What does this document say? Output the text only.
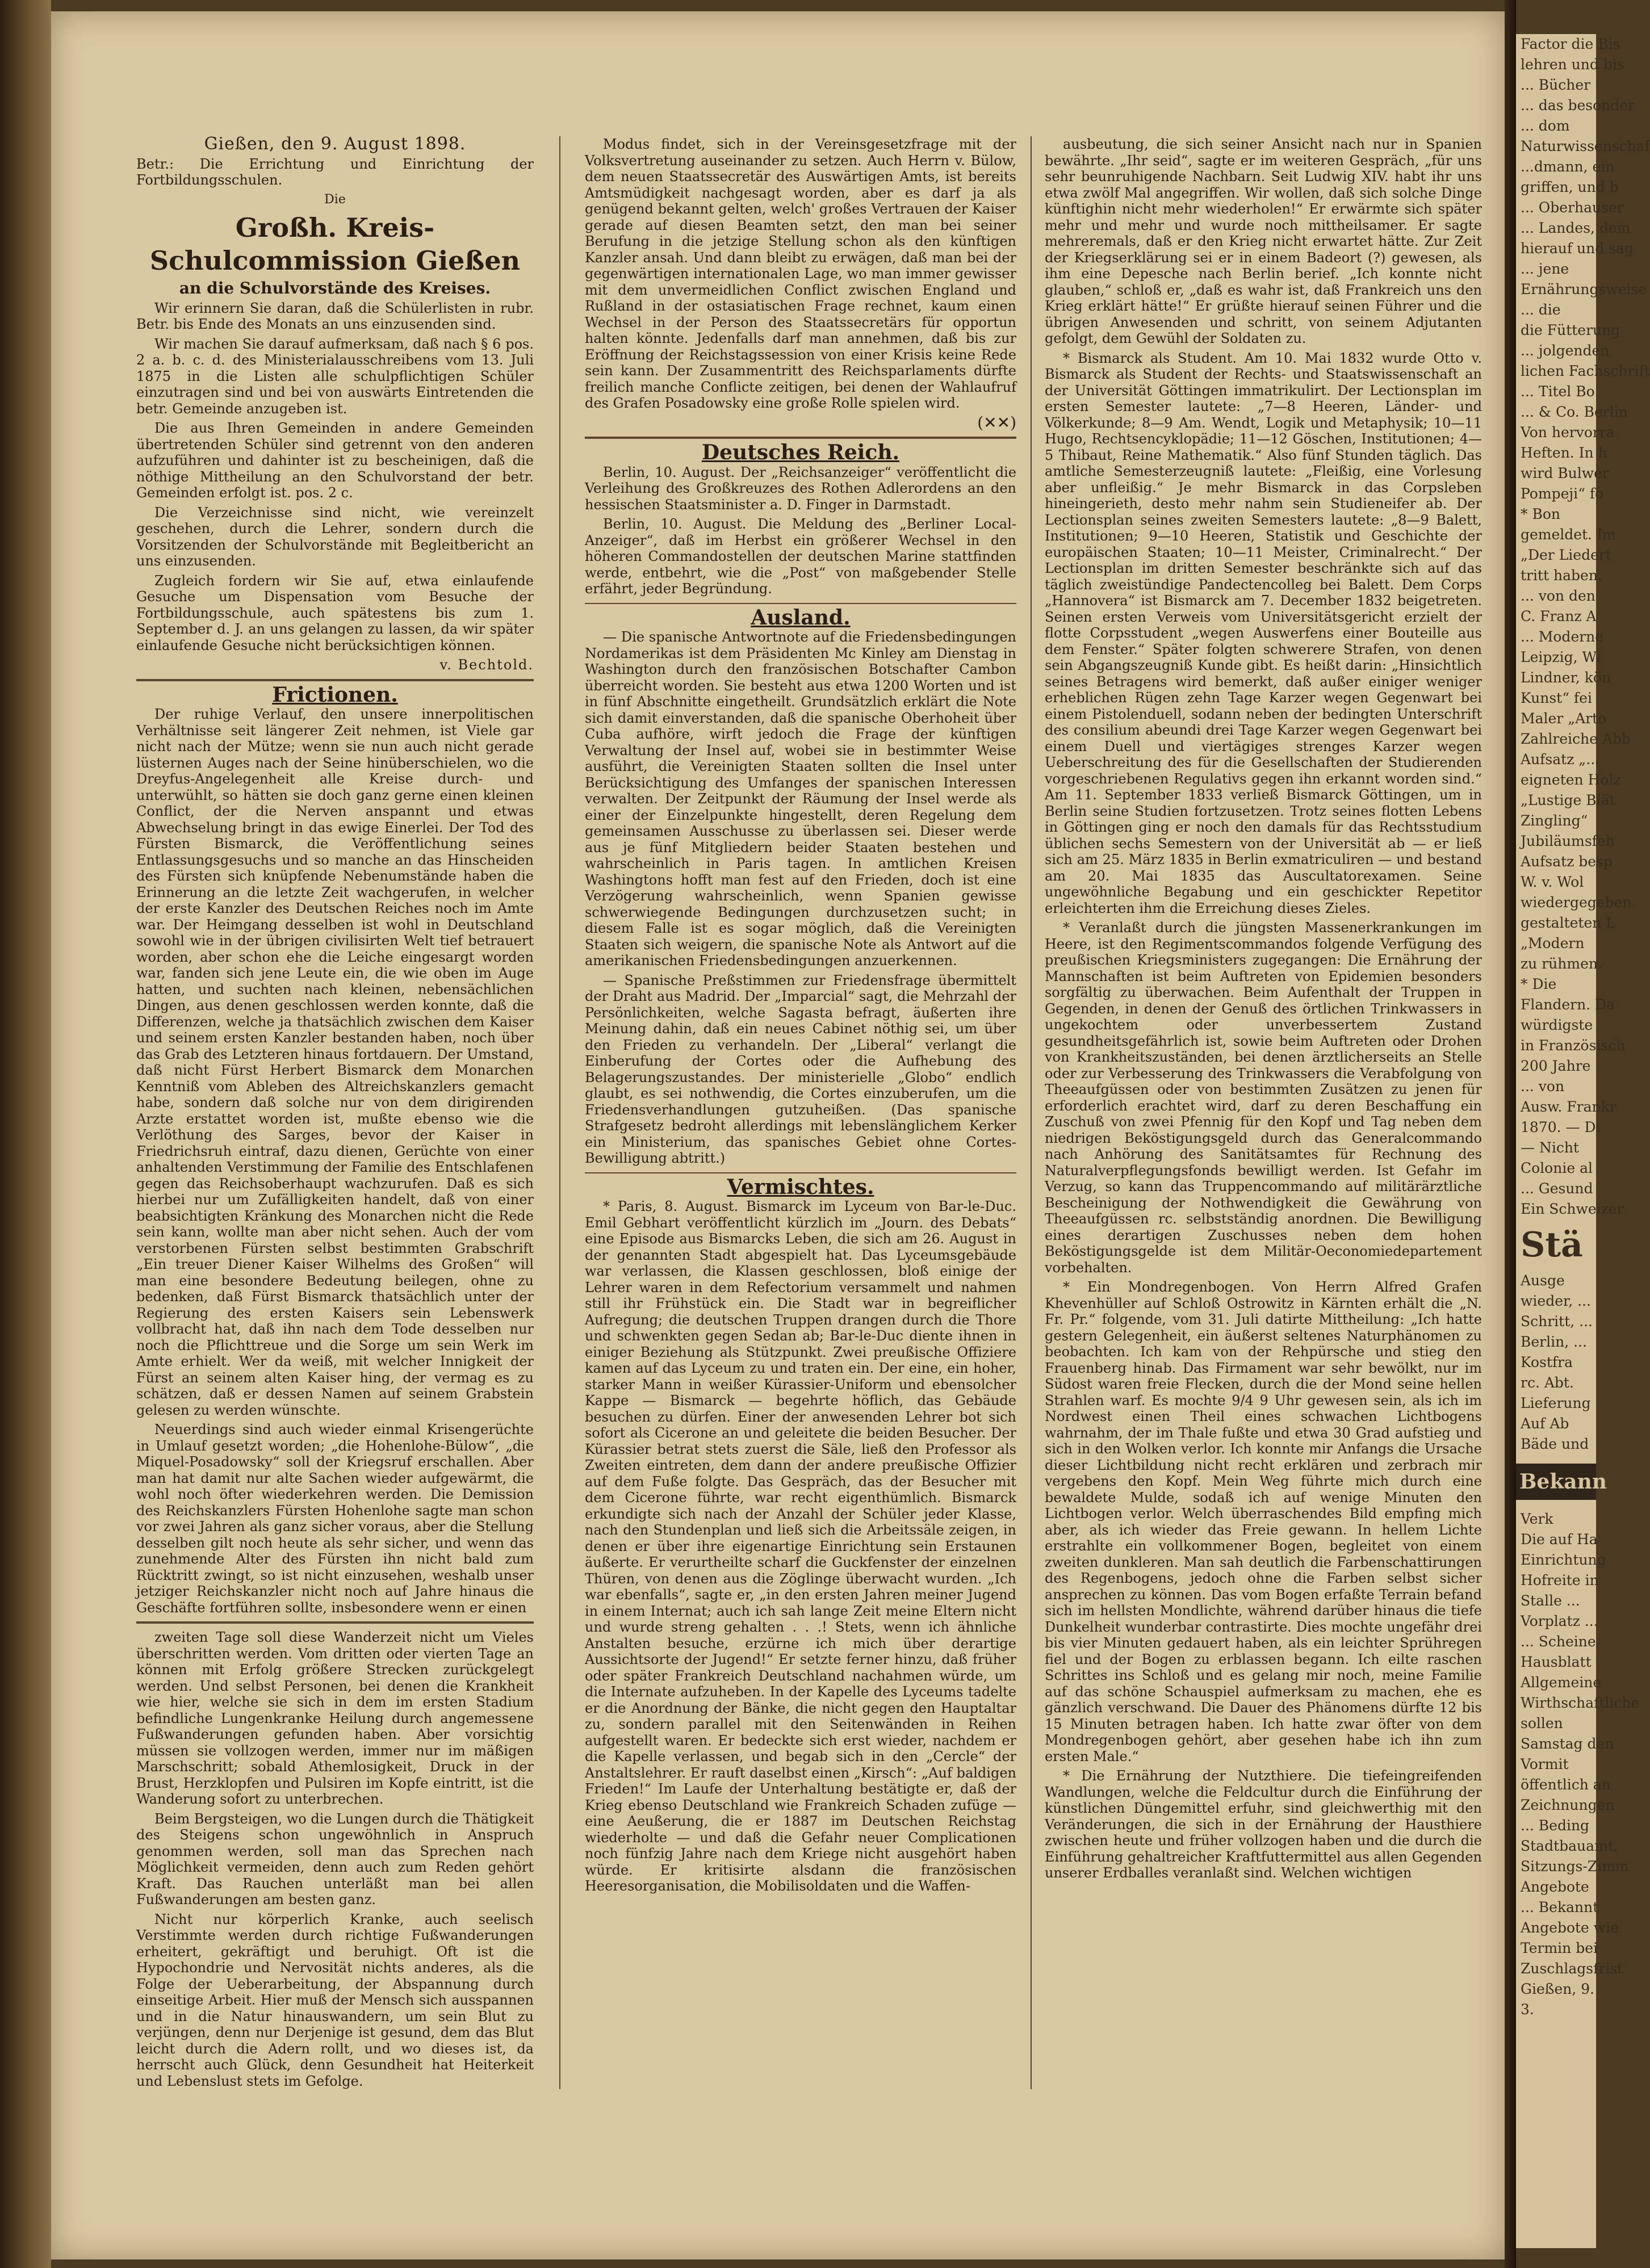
Gießen, den 9. August 1898.

Betr.: Die Errichtung und Einrichtung der Fortbildungsschulen.

Die

Großh. Kreis-Schulcommission Gießen

an die Schulvorstände des Kreises.

Wir erinnern Sie daran, daß die Schülerlisten in rubr. Betr. bis Ende des Monats an uns einzusenden sind.

Wir machen Sie darauf aufmerksam, daß nach § 6 pos. 2 a. b. c. d. des Ministerialausschreibens vom 13. Juli 1875 in die Listen alle schulpflichtigen Schüler einzutragen sind und bei von auswärts Eintretenden die betr. Gemeinde anzugeben ist.

Die aus Ihren Gemeinden in andere Gemeinden übertretenden Schüler sind getrennt von den anderen aufzuführen und dahinter ist zu bescheinigen, daß die nöthige Mittheilung an den Schulvorstand der betr. Gemeinden erfolgt ist. pos. 2 c.

Die Verzeichnisse sind nicht, wie vereinzelt geschehen, durch die Lehrer, sondern durch die Vorsitzenden der Schulvorstände mit Begleitbericht an uns einzusenden.

Zugleich fordern wir Sie auf, etwa einlaufende Gesuche um Dispensation vom Besuche der Fortbildungsschule, auch spätestens bis zum 1. September d. J. an uns gelangen zu lassen, da wir später einlaufende Gesuche nicht berücksichtigen können.

v. Bechtold.

Frictionen.

Der ruhige Verlauf, den unsere innerpolitischen Verhältnisse seit längerer Zeit nehmen, ist Viele gar nicht nach der Mütze; wenn sie nun auch nicht gerade lüsternen Auges nach der Seine hinüberschielen, wo die Dreyfus-Angelegenheit alle Kreise durch- und unterwühlt, so hätten sie doch ganz gerne einen kleinen Conflict, der die Nerven anspannt und etwas Abwechselung bringt in das ewige Einerlei. Der Tod des Fürsten Bismarck, die Veröffentlichung seines Entlassungsgesuchs und so manche an das Hinscheiden des Fürsten sich knüpfende Nebenumstände haben die Erinnerung an die letzte Zeit wachgerufen, in welcher der erste Kanzler des Deutschen Reiches noch im Amte war. Der Heimgang desselben ist wohl in Deutschland sowohl wie in der übrigen civilisirten Welt tief betrauert worden, aber schon ehe die Leiche eingesargt worden war, fanden sich jene Leute ein, die wie oben im Auge hatten, und suchten nach kleinen, nebensächlichen Dingen, aus denen geschlossen werden konnte, daß die Differenzen, welche ja thatsächlich zwischen dem Kaiser und seinem ersten Kanzler bestanden haben, noch über das Grab des Letzteren hinaus fortdauern. Der Umstand, daß nicht Fürst Herbert Bismarck dem Monarchen Kenntniß vom Ableben des Altreichskanzlers gemacht habe, sondern daß solche nur von dem dirigirenden Arzte erstattet worden ist, mußte ebenso wie die Verlöthung des Sarges, bevor der Kaiser in Friedrichsruh eintraf, dazu dienen, Gerüchte von einer anhaltenden Verstimmung der Familie des Entschlafenen gegen das Reichsoberhaupt wachzurufen. Daß es sich hierbei nur um Zufälligkeiten handelt, daß von einer beabsichtigten Kränkung des Monarchen nicht die Rede sein kann, wollte man aber nicht sehen. Auch der vom verstorbenen Fürsten selbst bestimmten Grabschrift „Ein treuer Diener Kaiser Wilhelms des Großen“ will man eine besondere Bedeutung beilegen, ohne zu bedenken, daß Fürst Bismarck thatsächlich unter der Regierung des ersten Kaisers sein Lebenswerk vollbracht hat, daß ihn nach dem Tode desselben nur noch die Pflichttreue und die Sorge um sein Werk im Amte erhielt. Wer da weiß, mit welcher Innigkeit der Fürst an seinem alten Kaiser hing, der vermag es zu schätzen, daß er dessen Namen auf seinem Grabstein gelesen zu werden wünschte.

Neuerdings sind auch wieder einmal Krisengerüchte in Umlauf gesetzt worden; „die Hohenlohe-Bülow“, „die Miquel-Posadowsky“ soll der Kriegsruf erschallen. Aber man hat damit nur alte Sachen wieder aufgewärmt, die wohl noch öfter wiederkehren werden. Die Demission des Reichskanzlers Fürsten Hohenlohe sagte man schon vor zwei Jahren als ganz sicher voraus, aber die Stellung desselben gilt noch heute als sehr sicher, und wenn das zunehmende Alter des Fürsten ihn nicht bald zum Rücktritt zwingt, so ist nicht einzusehen, weshalb unser jetziger Reichskanzler nicht noch auf Jahre hinaus die Geschäfte fortführen sollte, insbesondere wenn er einen

zweiten Tage soll diese Wanderzeit nicht um Vieles überschritten werden. Vom dritten oder vierten Tage an können mit Erfolg größere Strecken zurückgelegt werden. Und selbst Personen, bei denen die Krankheit wie hier, welche sie sich in dem im ersten Stadium befindliche Lungenkranke Heilung durch angemessene Fußwanderungen gefunden haben. Aber vorsichtig müssen sie vollzogen werden, immer nur im mäßigen Marschschritt; sobald Athemlosigkeit, Druck in der Brust, Herzklopfen und Pulsiren im Kopfe eintritt, ist die Wanderung sofort zu unterbrechen.

Beim Bergsteigen, wo die Lungen durch die Thätigkeit des Steigens schon ungewöhnlich in Anspruch genommen werden, soll man das Sprechen nach Möglichkeit vermeiden, denn auch zum Reden gehört Kraft. Das Rauchen unterläßt man bei allen Fußwanderungen am besten ganz.

Nicht nur körperlich Kranke, auch seelisch Verstimmte werden durch richtige Fußwanderungen erheitert, gekräftigt und beruhigt. Oft ist die Hypochondrie und Nervosität nichts anderes, als die Folge der Ueberarbeitung, der Abspannung durch einseitige Arbeit. Hier muß der Mensch sich ausspannen und in die Natur hinauswandern, um sein Blut zu verjüngen, denn nur Derjenige ist gesund, dem das Blut leicht durch die Adern rollt, und wo dieses ist, da herrscht auch Glück, denn Gesundheit hat Heiterkeit und Lebenslust stets im Gefolge.

Modus findet, sich in der Vereinsgesetzfrage mit der Volksvertretung auseinander zu setzen. Auch Herrn v. Bülow, dem neuen Staatssecretär des Auswärtigen Amts, ist bereits Amtsmüdigkeit nachgesagt worden, aber es darf ja als genügend bekannt gelten, welch' großes Vertrauen der Kaiser gerade auf diesen Beamten setzt, den man bei seiner Berufung in die jetzige Stellung schon als den künftigen Kanzler ansah. Und dann bleibt zu erwägen, daß man bei der gegenwärtigen internationalen Lage, wo man immer gewisser mit dem unvermeidlichen Conflict zwischen England und Rußland in der ostasiatischen Frage rechnet, kaum einen Wechsel in der Person des Staatssecretärs für opportun halten könnte. Jedenfalls darf man annehmen, daß bis zur Eröffnung der Reichstagssession von einer Krisis keine Rede sein kann. Der Zusammentritt des Reichsparlaments dürfte freilich manche Conflicte zeitigen, bei denen der Wahlaufruf des Grafen Posadowsky eine große Rolle spielen wird.

(✕✕)

Deutsches Reich.

Berlin, 10. August. Der „Reichsanzeiger“ veröffentlicht die Verleihung des Großkreuzes des Rothen Adlerordens an den hessischen Staatsminister a. D. Finger in Darmstadt.

Berlin, 10. August. Die Meldung des „Berliner Local-Anzeiger“, daß im Herbst ein größerer Wechsel in den höheren Commandostellen der deutschen Marine stattfinden werde, entbehrt, wie die „Post“ von maßgebender Stelle erfährt, jeder Begründung.

Ausland.

— Die spanische Antwortnote auf die Friedensbedingungen Nordamerikas ist dem Präsidenten Mc Kinley am Dienstag in Washington durch den französischen Botschafter Cambon überreicht worden. Sie besteht aus etwa 1200 Worten und ist in fünf Abschnitte eingetheilt. Grundsätzlich erklärt die Note sich damit einverstanden, daß die spanische Oberhoheit über Cuba aufhöre, wirft jedoch die Frage der künftigen Verwaltung der Insel auf, wobei sie in bestimmter Weise ausführt, die Vereinigten Staaten sollten die Insel unter Berücksichtigung des Umfanges der spanischen Interessen verwalten. Der Zeitpunkt der Räumung der Insel werde als einer der Einzelpunkte hingestellt, deren Regelung dem gemeinsamen Ausschusse zu überlassen sei. Dieser werde aus je fünf Mitgliedern beider Staaten bestehen und wahrscheinlich in Paris tagen. In amtlichen Kreisen Washingtons hofft man fest auf den Frieden, doch ist eine Verzögerung wahrscheinlich, wenn Spanien gewisse schwerwiegende Bedingungen durchzusetzen sucht; in diesem Falle ist es sogar möglich, daß die Vereinigten Staaten sich weigern, die spanische Note als Antwort auf die amerikanischen Friedensbedingungen anzuerkennen.

— Spanische Preßstimmen zur Friedensfrage übermittelt der Draht aus Madrid. Der „Imparcial“ sagt, die Mehrzahl der Persönlichkeiten, welche Sagasta befragt, äußerten ihre Meinung dahin, daß ein neues Cabinet nöthig sei, um über den Frieden zu verhandeln. Der „Liberal“ verlangt die Einberufung der Cortes oder die Aufhebung des Belagerungszustandes. Der ministerielle „Globo“ endlich glaubt, es sei nothwendig, die Cortes einzuberufen, um die Friedensverhandlungen gutzuheißen. (Das spanische Strafgesetz bedroht allerdings mit lebenslänglichem Kerker ein Ministerium, das spanisches Gebiet ohne Cortes-Bewilligung abtritt.)

Vermischtes.

* Paris, 8. August. Bismarck im Lyceum von Bar-le-Duc. Emil Gebhart veröffentlicht kürzlich im „Journ. des Debats“ eine Episode aus Bismarcks Leben, die sich am 26. August in der genannten Stadt abgespielt hat. Das Lyceumsgebäude war verlassen, die Klassen geschlossen, bloß einige der Lehrer waren in dem Refectorium versammelt und nahmen still ihr Frühstück ein. Die Stadt war in begreiflicher Aufregung; die deutschen Truppen drangen durch die Thore und schwenkten gegen Sedan ab; Bar-le-Duc diente ihnen in einiger Beziehung als Stützpunkt. Zwei preußische Offiziere kamen auf das Lyceum zu und traten ein. Der eine, ein hoher, starker Mann in weißer Kürassier-Uniform und ebensolcher Kappe — Bismarck — begehrte höflich, das Gebäude besuchen zu dürfen. Einer der anwesenden Lehrer bot sich sofort als Cicerone an und geleitete die beiden Besucher. Der Kürassier betrat stets zuerst die Säle, ließ den Professor als Zweiten eintreten, dem dann der andere preußische Offizier auf dem Fuße folgte. Das Gespräch, das der Besucher mit dem Cicerone führte, war recht eigenthümlich. Bismarck erkundigte sich nach der Anzahl der Schüler jeder Klasse, nach den Stundenplan und ließ sich die Arbeitssäle zeigen, in denen er über ihre eigenartige Einrichtung sein Erstaunen äußerte. Er verurtheilte scharf die Guckfenster der einzelnen Thüren, von denen aus die Zöglinge überwacht wurden. „Ich war ebenfalls“, sagte er, „in den ersten Jahren meiner Jugend in einem Internat; auch ich sah lange Zeit meine Eltern nicht und wurde streng gehalten . . .! Stets, wenn ich ähnliche Anstalten besuche, erzürne ich mich über derartige Aussichtsorte der Jugend!“ Er setzte ferner hinzu, daß früher oder später Frankreich Deutschland nachahmen würde, um die Internate aufzuheben. In der Kapelle des Lyceums tadelte er die Anordnung der Bänke, die nicht gegen den Hauptaltar zu, sondern parallel mit den Seitenwänden in Reihen aufgestellt waren. Er bedeckte sich erst wieder, nachdem er die Kapelle verlassen, und begab sich in den „Cercle“ der Anstaltslehrer. Er rauft daselbst einen „Kirsch“: „Auf baldigen Frieden!“ Im Laufe der Unterhaltung bestätigte er, daß der Krieg ebenso Deutschland wie Frankreich Schaden zufüge — eine Aeußerung, die er 1887 im Deutschen Reichstag wiederholte — und daß die Gefahr neuer Complicationen noch fünfzig Jahre nach dem Kriege nicht ausgehört haben würde. Er kritisirte alsdann die französischen Heeresorganisation, die Mobilisoldaten und die Waffen-

ausbeutung, die sich seiner Ansicht nach nur in Spanien bewährte. „Ihr seid“, sagte er im weiteren Gespräch, „für uns sehr beunruhigende Nachbarn. Seit Ludwig XIV. habt ihr uns etwa zwölf Mal angegriffen. Wir wollen, daß sich solche Dinge künftighin nicht mehr wiederholen!“ Er erwärmte sich später mehr und mehr und wurde noch mittheilsamer. Er sagte mehreremals, daß er den Krieg nicht erwartet hätte. Zur Zeit der Kriegserklärung sei er in einem Badeort (?) gewesen, als ihm eine Depesche nach Berlin berief. „Ich konnte nicht glauben,“ schloß er, „daß es wahr ist, daß Frankreich uns den Krieg erklärt hätte!“ Er grüßte hierauf seinen Führer und die übrigen Anwesenden und schritt, von seinem Adjutanten gefolgt, dem Gewühl der Soldaten zu.

* Bismarck als Student. Am 10. Mai 1832 wurde Otto v. Bismarck als Student der Rechts- und Staatswissenschaft an der Universität Göttingen immatrikulirt. Der Lectionsplan im ersten Semester lautete: „7—8 Heeren, Länder- und Völkerkunde; 8—9 Am. Wendt, Logik und Metaphysik; 10—11 Hugo, Rechtsencyklopädie; 11—12 Göschen, Institutionen; 4—5 Thibaut, Reine Mathematik.“ Also fünf Stunden täglich. Das amtliche Semesterzeugniß lautete: „Fleißig, eine Vorlesung aber unfleißig.“ Je mehr Bismarck in das Corpsleben hineingerieth, desto mehr nahm sein Studieneifer ab. Der Lectionsplan seines zweiten Semesters lautete: „8—9 Balett, Institutionen; 9—10 Heeren, Statistik und Geschichte der europäischen Staaten; 10—11 Meister, Criminalrecht.“ Der Lectionsplan im dritten Semester beschränkte sich auf das täglich zweistündige Pandectencolleg bei Balett. Dem Corps „Hannovera“ ist Bismarck am 7. December 1832 beigetreten. Seinen ersten Verweis vom Universitätsgericht erzielt der flotte Corpsstudent „wegen Auswerfens einer Bouteille aus dem Fenster.“ Später folgten schwerere Strafen, von denen sein Abgangszeugniß Kunde gibt. Es heißt darin: „Hinsichtlich seines Betragens wird bemerkt, daß außer einiger weniger erheblichen Rügen zehn Tage Karzer wegen Gegenwart bei einem Pistolenduell, sodann neben der bedingten Unterschrift des consilium abeundi drei Tage Karzer wegen Gegenwart bei einem Duell und viertägiges strenges Karzer wegen Ueberschreitung des für die Gesellschaften der Studierenden vorgeschriebenen Regulativs gegen ihn erkannt worden sind.“ Am 11. September 1833 verließ Bismarck Göttingen, um in Berlin seine Studien fortzusetzen. Trotz seines flotten Lebens in Göttingen ging er noch den damals für das Rechtsstudium üblichen sechs Semestern von der Universität ab — er ließ sich am 25. März 1835 in Berlin exmatriculiren — und bestand am 20. Mai 1835 das Auscultatorexamen. Seine ungewöhnliche Begabung und ein geschickter Repetitor erleichterten ihm die Erreichung dieses Zieles.

* Veranlaßt durch die jüngsten Massenerkrankungen im Heere, ist den Regimentscommandos folgende Verfügung des preußischen Kriegsministers zugegangen: Die Ernährung der Mannschaften ist beim Auftreten von Epidemien besonders sorgfältig zu überwachen. Beim Aufenthalt der Truppen in Gegenden, in denen der Genuß des örtlichen Trinkwassers in ungekochtem oder unverbessertem Zustand gesundheitsgefährlich ist, sowie beim Auftreten oder Drohen von Krankheitszuständen, bei denen ärztlicherseits an Stelle oder zur Verbesserung des Trinkwassers die Verabfolgung von Theeaufgüssen oder von bestimmten Zusätzen zu jenen für erforderlich erachtet wird, darf zu deren Beschaffung ein Zuschuß von zwei Pfennig für den Kopf und Tag neben dem niedrigen Beköstigungsgeld durch das Generalcommando nach Anhörung des Sanitätsamtes für Rechnung des Naturalverpflegungsfonds bewilligt werden. Ist Gefahr im Verzug, so kann das Truppencommando auf militärärztliche Bescheinigung der Nothwendigkeit die Gewährung von Theeaufgüssen rc. selbstständig anordnen. Die Bewilligung eines derartigen Zuschusses neben dem hohen Beköstigungsgelde ist dem Militär-Oeconomiedepartement vorbehalten.

* Ein Mondregenbogen. Von Herrn Alfred Grafen Khevenhüller auf Schloß Ostrowitz in Kärnten erhält die „N. Fr. Pr.“ folgende, vom 31. Juli datirte Mittheilung: „Ich hatte gestern Gelegenheit, ein äußerst seltenes Naturphänomen zu beobachten. Ich kam von der Rehpürsche und stieg den Frauenberg hinab. Das Firmament war sehr bewölkt, nur im Südost waren freie Flecken, durch die der Mond seine hellen Strahlen warf. Es mochte 9/4 9 Uhr gewesen sein, als ich im Nordwest einen Theil eines schwachen Lichtbogens wahrnahm, der im Thale fußte und etwa 30 Grad aufstieg und sich in den Wolken verlor. Ich konnte mir Anfangs die Ursache dieser Lichtbildung nicht recht erklären und zerbrach mir vergebens den Kopf. Mein Weg führte mich durch eine bewaldete Mulde, sodaß ich auf wenige Minuten den Lichtbogen verlor. Welch überraschendes Bild empfing mich aber, als ich wieder das Freie gewann. In hellem Lichte erstrahlte ein vollkommener Bogen, begleitet von einem zweiten dunkleren. Man sah deutlich die Farbenschattirungen des Regenbogens, jedoch ohne die Farben selbst sicher ansprechen zu können. Das vom Bogen erfaßte Terrain befand sich im hellsten Mondlichte, während darüber hinaus die tiefe Dunkelheit wunderbar contrastirte. Dies mochte ungefähr drei bis vier Minuten gedauert haben, als ein leichter Sprühregen fiel und der Bogen zu erblassen begann. Ich eilte raschen Schrittes ins Schloß und es gelang mir noch, meine Familie auf das schöne Schauspiel aufmerksam zu machen, ehe es gänzlich verschwand. Die Dauer des Phänomens dürfte 12 bis 15 Minuten betragen haben. Ich hatte zwar öfter von dem Mondregenbogen gehört, aber gesehen habe ich ihn zum ersten Male.“

* Die Ernährung der Nutzthiere. Die tiefeingreifenden Wandlungen, welche die Feldcultur durch die Einführung der künstlichen Düngemittel erfuhr, sind gleichwerthig mit den Veränderungen, die sich in der Ernährung der Hausthiere zwischen heute und früher vollzogen haben und die durch die Einführung gehaltreicher Kraftfuttermittel aus allen Gegenden unserer Erdballes veranlaßt sind. Welchen wichtigen

Factor die Bis
lehren und bis
... Bücher
... das besonder
... dom
Naturwissenschaf
...dmann, ein
griffen, und b
... Oberhauser
... Landes, dem
hierauf und sag
... jene
Ernährungsweise
... die
die Fütterung
... jolgenden
lichen Fachschrift
... Titel Bo
... & Co. Berlin
Von hervorra
Heften. In h
wird Bulwer
Pompeji“ fo
* Bon
gemeldet. Im
„Der Liedert
tritt haben.
... von den
C. Franz A
... Moderne
Leipzig, Wi
Lindner, kön
Kunst“ fei
Maler „Arto
Zahlreiche Abb
Aufsatz „...
eigneten Holz
„Lustige Blät
Zingling“
Jubiläumsfeh
Aufsatz besp
W. v. Wol
wiedergegeben
gestalteten L
„Modern
zu rühmen.
* Die
Flandern. Da
würdigste
in Französisch
200 Jahre
... von
Ausw. Frankr
1870. — Di
— Nicht
Colonie al
... Gesund
Ein Schweizer
Stä
Ausge
wieder, ...
Schritt, ...
Berlin, ...
Kostfra
rc. Abt.
Lieferung
Auf Ab
Bäde und
Bekann
Verk
Die auf Ha
Einrichtung
Hofreite in
Stalle ...
Vorplatz ...
... Scheine
Hausblatt
Allgemeine
Wirthschaftliche
sollen
Samstag den
Vormit
öffentlich an
Zeichnungen
... Beding
Stadtbauamt,
Sitzungs-Zimm
Angebote
... Bekannt
Angebote wie
Termin bei
Zuschlagsfrist
Gießen, 9.
3.
